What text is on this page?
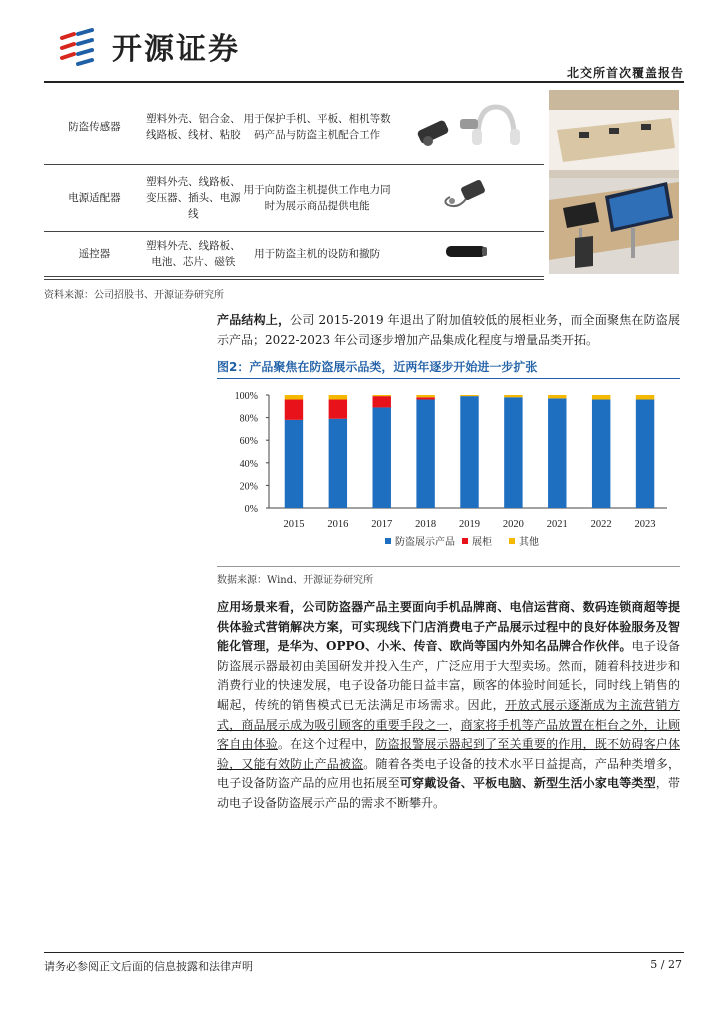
开源证券
北交所首次覆盖报告
防盗传感器	塑料外壳、铝合金、线路板、线材、粘胶	用于保护手机、平板、相机等数码产品与防盗主机配合工作	
电源适配器	塑料外壳、线路板、变压器、插头、电源线	用于向防盗主机提供工作电力同时为展示商品提供电能	
遥控器	塑料外壳、线路板、电池、芯片、磁铁	用于防盗主机的设防和撤防	
资料来源：公司招股书、开源证券研究所
产品结构上，公司 2015-2019 年退出了附加值较低的展柜业务，而全面聚焦在防盗展示产品；2022-2023 年公司逐步增加产品集成化程度与增量品类开拓。
图2：产品聚焦在防盗展示品类，近两年逐步开始进一步扩张
0%
20%
40%
60%
80%
100%
2015 2016 2017 2018 2019 2020 2021 2022 2023
防盗展示产品 展柜	其他
数据来源：Wind、开源证券研究所
应用场景来看，公司防盗器产品主要面向手机品牌商、电信运营商、数码连锁商超等提供体验式营销解决方案，可实现线下门店消费电子产品展示过程中的良好体验服务及智能化管理，是华为、OPPO、小米、传音、欧尚等国内外知名品牌合作伙伴。电子设备防盗展示器最初由美国研发并投入生产，广泛应用于大型卖场。然而，随着科技进步和消费行业的快速发展，电子设备功能日益丰富，顾客的体验时间延长，同时线上销售的崛起，传统的销售模式已无法满足市场需求。因此，开放式展示逐渐成为主流营销方式，商品展示成为吸引顾客的重要手段之一，商家将手机等产品放置在柜台之外，让顾客自由体验。在这个过程中，防盗报警展示器起到了至关重要的作用，既不妨碍客户体验，又能有效防止产品被盗。随着各类电子设备的技术水平日益提高，产品种类增多，电子设备防盗产品的应用也拓展至可穿戴设备、平板电脑、新型生活小家电等类型，带动电子设备防盗展示产品的需求不断攀升。
请务必参阅正文后面的信息披露和法律声明	5 / 27
